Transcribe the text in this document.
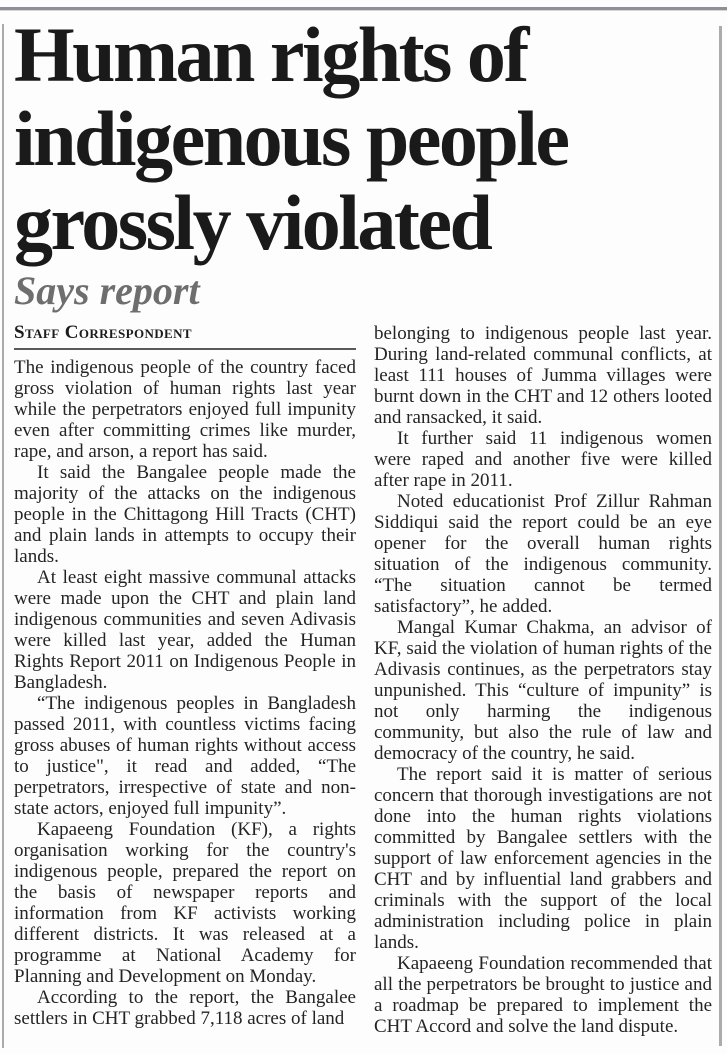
Human rights of
indigenous people
grossly violated
Says report
Staff Correspondent

The indigenous people of the country faced gross violation of human rights last year while the perpetrators enjoyed full impunity even after committing crimes like murder, rape, and arson, a report has said.

It said the Bangalee people made the majority of the attacks on the indigenous people in the Chittagong Hill Tracts (CHT) and plain lands in attempts to occupy their lands.

At least eight massive communal attacks were made upon the CHT and plain land indigenous communities and seven Adivasis were killed last year, added the Human Rights Report 2011 on Indigenous People in Bangladesh.

“The indigenous peoples in Bangladesh passed 2011, with countless victims facing gross abuses of human rights without access to justice", it read and added, “The perpetrators, irrespective of state and non-state actors, enjoyed full impunity”.

Kapaeeng Foundation (KF), a rights organisation working for the country's indigenous people, prepared the report on the basis of newspaper reports and information from KF activists working different districts. It was released at a programme at National Academy for Planning and Development on Monday.

According to the report, the Bangalee settlers in CHT grabbed 7,118 acres of land

belonging to indigenous people last year. During land-related communal conflicts, at least 111 houses of Jumma villages were burnt down in the CHT and 12 others looted and ransacked, it said.

It further said 11 indigenous women were raped and another five were killed after rape in 2011.

Noted educationist Prof Zillur Rahman Siddiqui said the report could be an eye opener for the overall human rights situation of the indigenous community. “The situation cannot be termed satisfactory”, he added.

Mangal Kumar Chakma, an advisor of KF, said the violation of human rights of the Adivasis continues, as the perpetrators stay unpunished. This “culture of impunity” is not only harming the indigenous community, but also the rule of law and democracy of the country, he said.

The report said it is matter of serious concern that thorough investigations are not done into the human rights violations committed by Bangalee settlers with the support of law enforcement agencies in the CHT and by influential land grabbers and criminals with the support of the local administration including police in plain lands.

Kapaeeng Foundation recommended that all the perpetrators be brought to justice and a roadmap be prepared to implement the CHT Accord and solve the land dispute.
